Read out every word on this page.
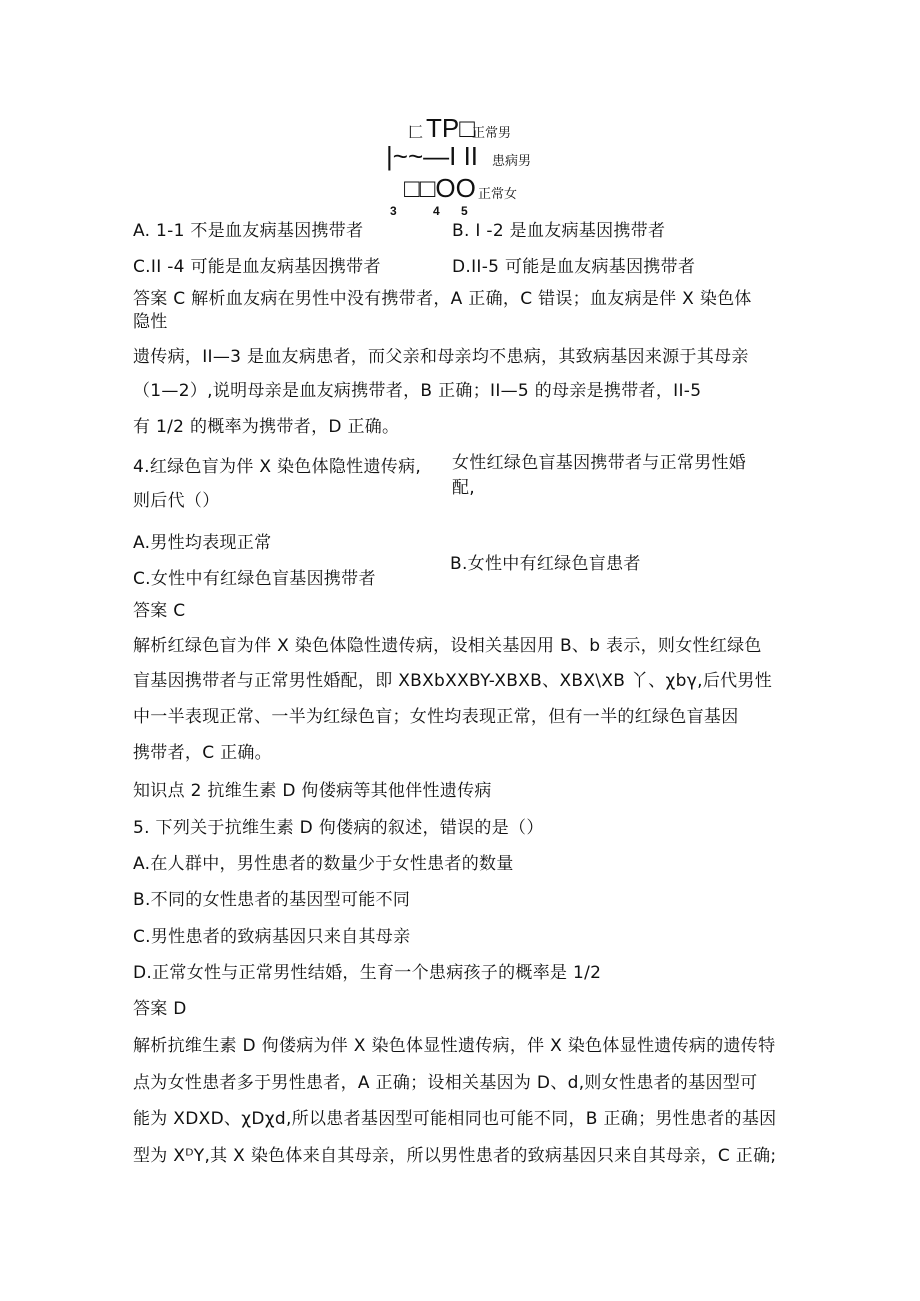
匚 TP□
正常男
|~~—I II 患病男
□□OO 正常女
3	4 5
A. 1-1 不是血友病基因携带者	B. I -2 是血友病基因携带者
C.II -4 可能是血友病基因携带者	D.II-5 可能是血友病基因携带者
答案 C 解析血友病在男性中没有携带者，A 正确，C 错误；血友病是伴 X 染色体
隐性
遗传病，II—3 是血友病患者，而父亲和母亲均不患病，其致病基因来源于其母亲
（1—2）,说明母亲是血友病携带者，B 正确；II—5 的母亲是携带者，II-5
有 1/2 的概率为携带者，D 正确。
4.红绿色盲为伴 X 染色体隐性遗传病,
则后代（）
女性红绿色盲基因携带者与正常男性婚
配,
A.男性均表现正常
B.女性中有红绿色盲患者
C.女性中有红绿色盲基因携带者
答案 C
解析红绿色盲为伴 X 染色体隐性遗传病，设相关基因用 B、b 表示，则女性红绿色
盲基因携带者与正常男性婚配，即 XBXbXXBY-XBXB、XBX\XB 丫、χbγ,后代男性
中一半表现正常、一半为红绿色盲；女性均表现正常，但有一半的红绿色盲基因
携带者，C 正确。
知识点 2 抗维生素 D 佝偻病等其他伴性遗传病
5. 下列关于抗维生素 D 佝偻病的叙述，错误的是（）
A.在人群中，男性患者的数量少于女性患者的数量
B.不同的女性患者的基因型可能不同
C.男性患者的致病基因只来自其母亲
D.正常女性与正常男性结婚，生育一个患病孩子的概率是 1/2
答案 D
解析抗维生素 D 佝偻病为伴 X 染色体显性遗传病，伴 X 染色体显性遗传病的遗传特
点为女性患者多于男性患者，A 正确；设相关基因为 D、d,则女性患者的基因型可
能为 XDXD、χDχd,所以患者基因型可能相同也可能不同，B 正确；男性患者的基因
型为 XᴰY,其 X 染色体来自其母亲，所以男性患者的致病基因只来自其母亲，C 正确;
